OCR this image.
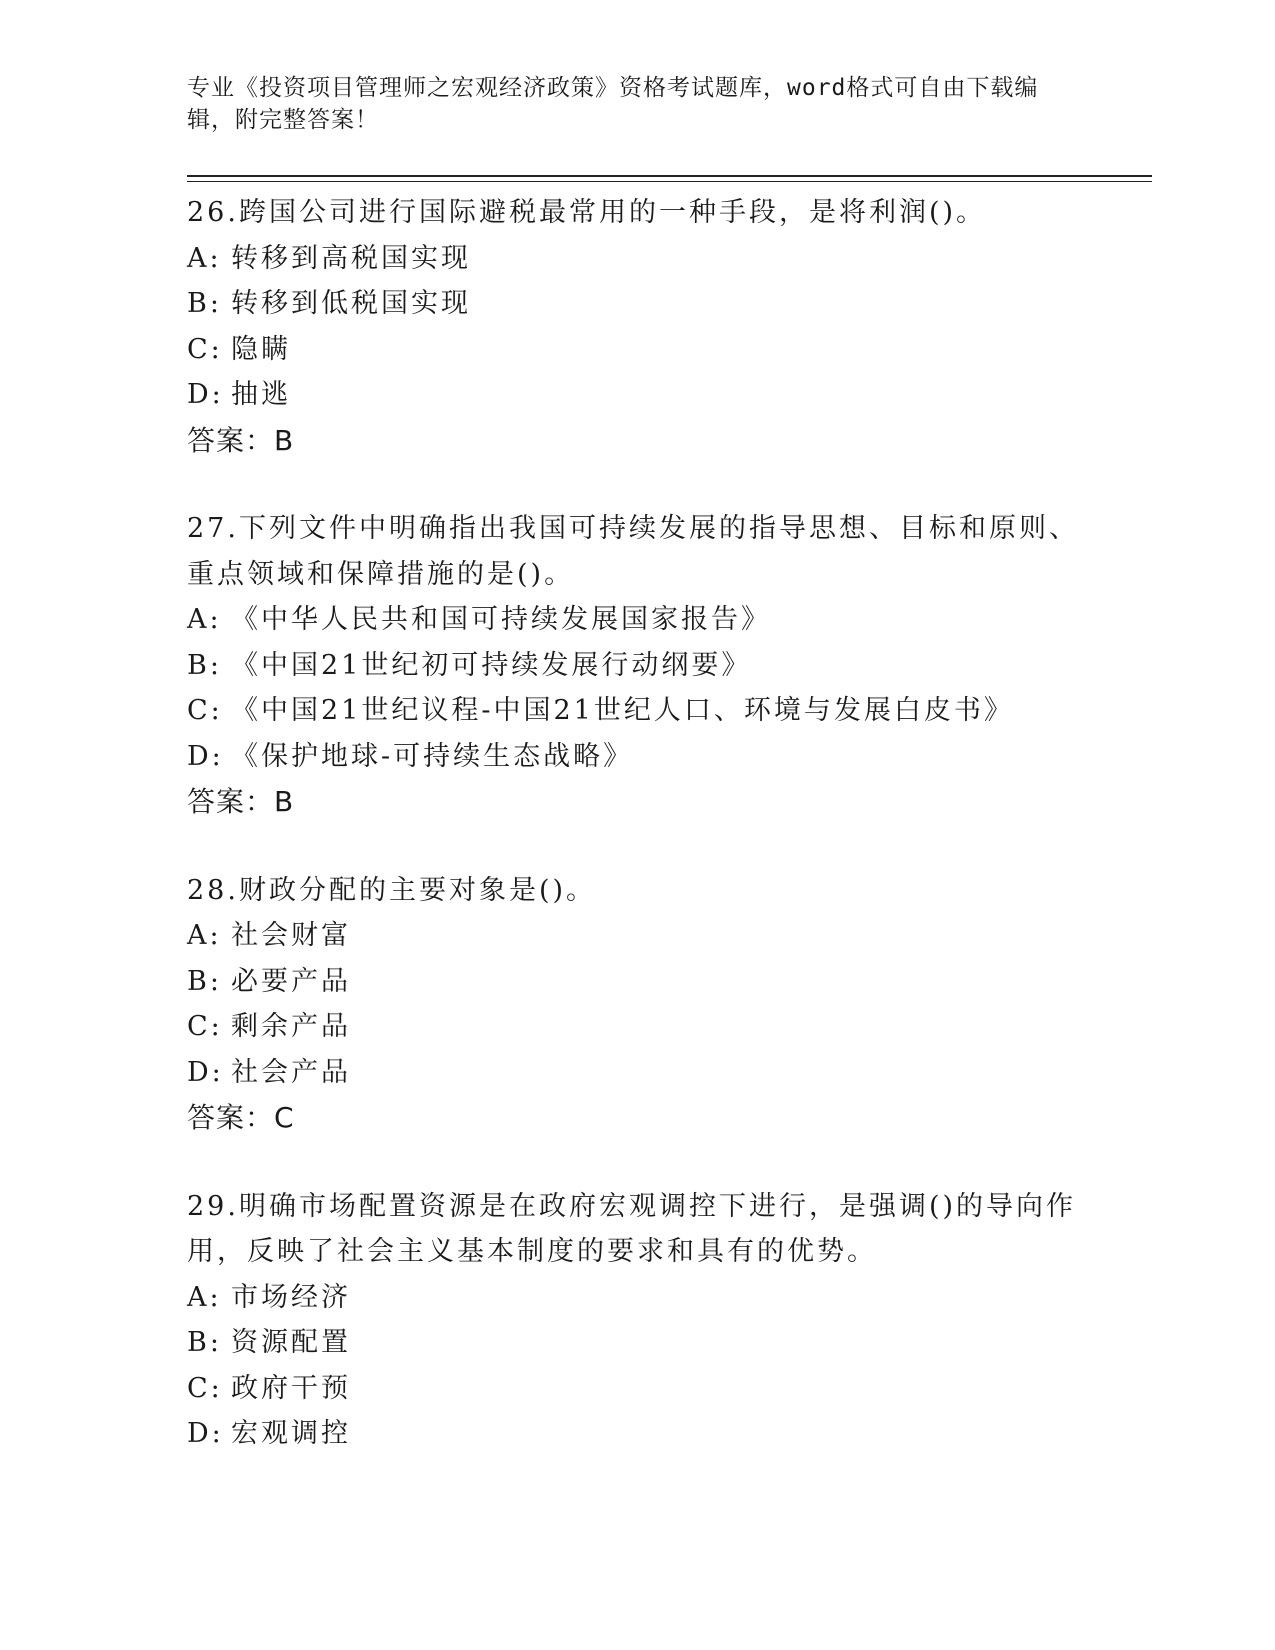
专业《投资项目管理师之宏观经济政策》资格考试题库，word格式可自由下载编辑，附完整答案！
26.跨国公司进行国际避税最常用的一种手段，是将利润()。
A: 转移到高税国实现
B: 转移到低税国实现
C: 隐瞒
D: 抽逃
答案：B
27.下列文件中明确指出我国可持续发展的指导思想、目标和原则、重点领域和保障措施的是()。
A: 《中华人民共和国可持续发展国家报告》
B: 《中国21世纪初可持续发展行动纲要》
C: 《中国21世纪议程-中国21世纪人口、环境与发展白皮书》
D: 《保护地球-可持续生态战略》
答案：B
28.财政分配的主要对象是()。
A: 社会财富
B: 必要产品
C: 剩余产品
D: 社会产品
答案：C
29.明确市场配置资源是在政府宏观调控下进行，是强调()的导向作用，反映了社会主义基本制度的要求和具有的优势。
A: 市场经济
B: 资源配置
C: 政府干预
D: 宏观调控
